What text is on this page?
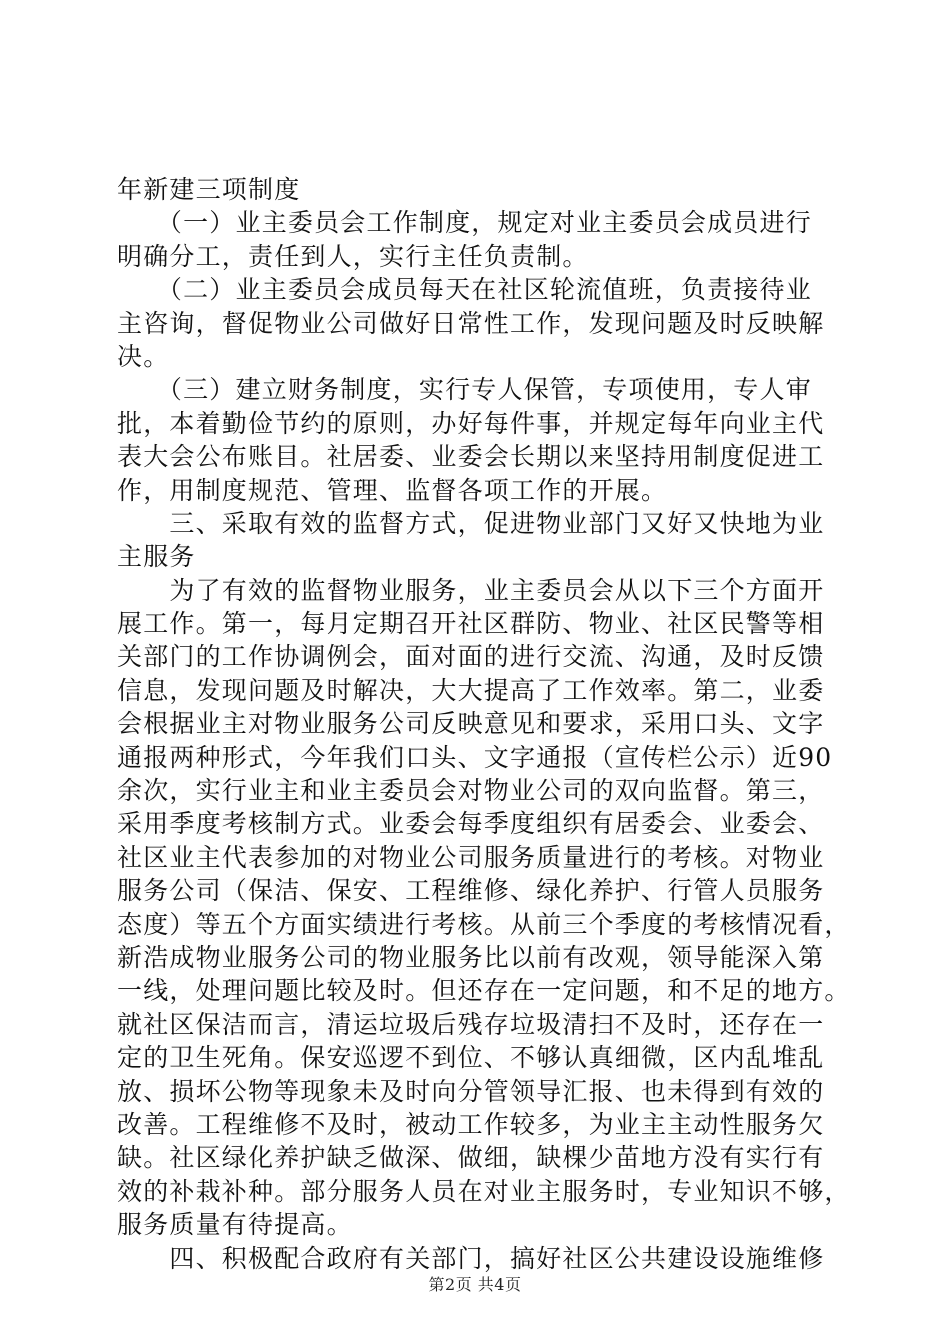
年新建三项制度
　　（一）业主委员会工作制度，规定对业主委员会成员进行
明确分工，责任到人，实行主任负责制。
　　（二）业主委员会成员每天在社区轮流值班，负责接待业
主咨询，督促物业公司做好日常性工作，发现问题及时反映解
决。
　　（三）建立财务制度，实行专人保管，专项使用，专人审
批，本着勤俭节约的原则，办好每件事，并规定每年向业主代
表大会公布账目。社居委、业委会长期以来坚持用制度促进工
作，用制度规范、管理、监督各项工作的开展。
　　三、采取有效的监督方式，促进物业部门又好又快地为业
主服务
　　为了有效的监督物业服务，业主委员会从以下三个方面开
展工作。第一，每月定期召开社区群防、物业、社区民警等相
关部门的工作协调例会，面对面的进行交流、沟通，及时反馈
信息，发现问题及时解决，大大提高了工作效率。第二，业委
会根据业主对物业服务公司反映意见和要求，采用口头、文字
通报两种形式，今年我们口头、文字通报（宣传栏公示）近90
余次，实行业主和业主委员会对物业公司的双向监督。第三，
采用季度考核制方式。业委会每季度组织有居委会、业委会、
社区业主代表参加的对物业公司服务质量进行的考核。对物业
服务公司（保洁、保安、工程维修、绿化养护、行管人员服务
态度）等五个方面实绩进行考核。从前三个季度的考核情况看，
新浩成物业服务公司的物业服务比以前有改观，领导能深入第
一线，处理问题比较及时。但还存在一定问题，和不足的地方。
就社区保洁而言，清运垃圾后残存垃圾清扫不及时，还存在一
定的卫生死角。保安巡逻不到位、不够认真细微，区内乱堆乱
放、损坏公物等现象未及时向分管领导汇报、也未得到有效的
改善。工程维修不及时，被动工作较多，为业主主动性服务欠
缺。社区绿化养护缺乏做深、做细，缺棵少苗地方没有实行有
效的补栽补种。部分服务人员在对业主服务时，专业知识不够，
服务质量有待提高。
　　四、积极配合政府有关部门，搞好社区公共建设设施维修
第2页 共4页
